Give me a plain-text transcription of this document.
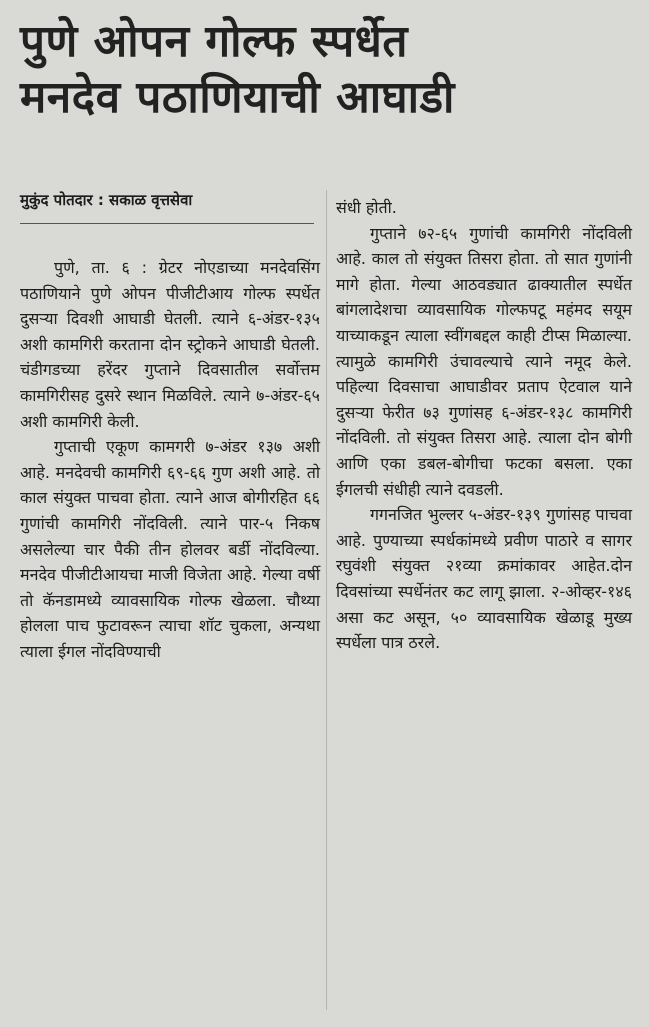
पुणे ओपन गोल्फ स्पर्धेत
मनदेव पठाणियाची आघाडी
मुकुंद पोतदार : सकाळ वृत्तसेवा

पुणे, ता. ६ : ग्रेटर नोएडाच्या मनदेवसिंग पठाणियाने पुणे ओपन पीजीटीआय गोल्फ स्पर्धेत दुसऱ्या दिवशी आघाडी घेतली. त्याने ६-अंडर-१३५ अशी कामगिरी करताना दोन स्ट्रोकने आघाडी घेतली. चंडीगडच्या हरेंदर गुप्ताने दिवसातील सर्वोत्तम कामगिरीसह दुसरे स्थान मिळविले. त्याने ७-अंडर-६५ अशी कामगिरी केली.

गुप्ताची एकूण कामगरी ७-अंडर १३७ अशी आहे. मनदेवची कामगिरी ६९-६६ गुण अशी आहे. तो काल संयुक्त पाचवा होता. त्याने आज बोगीरहित ६६ गुणांची कामगिरी नोंदविली. त्याने पार-५ निकष असलेल्या चार पैकी तीन होलवर बर्डी नोंदविल्या. मनदेव पीजीटीआयचा माजी विजेता आहे. गेल्या वर्षी तो कॅनडामध्ये व्यावसायिक गोल्फ खेळला. चौथ्या होलला पाच फुटावरून त्याचा शॉट चुकला, अन्यथा त्याला ईगल नोंदविण्याची

संधी होती.

गुप्ताने ७२-६५ गुणांची कामगिरी नोंदविली आहे. काल तो संयुक्त तिसरा होता. तो सात गुणांनी मागे होता. गेल्या आठवड्यात ढाक्यातील स्पर्धेत बांगलादेशचा व्यावसायिक गोल्फपटू महंमद सयूम याच्याकडून त्याला स्वींगबद्दल काही टीप्स मिळाल्या. त्यामुळे कामगिरी उंचावल्याचे त्याने नमूद केले. पहिल्या दिवसाचा आघाडीवर प्रताप ऐटवाल याने दुसऱ्या फेरीत ७३ गुणांसह ६-अंडर-१३८ कामगिरी नोंदविली. तो संयुक्त तिसरा आहे. त्याला दोन बोगी आणि एका डबल-बोगीचा फटका बसला. एका ईगलची संधीही त्याने दवडली.

गगनजित भुल्लर ५-अंडर-१३९ गुणांसह पाचवा आहे. पुण्याच्या स्पर्धकांमध्ये प्रवीण पाठारे व सागर रघुवंशी संयुक्त २१व्या क्रमांकावर आहेत.दोन दिवसांच्या स्पर्धेनंतर कट लागू झाला. २-ओव्हर-१४६ असा कट असून, ५० व्यावसायिक खेळाडू मुख्य स्पर्धेला पात्र ठरले.
